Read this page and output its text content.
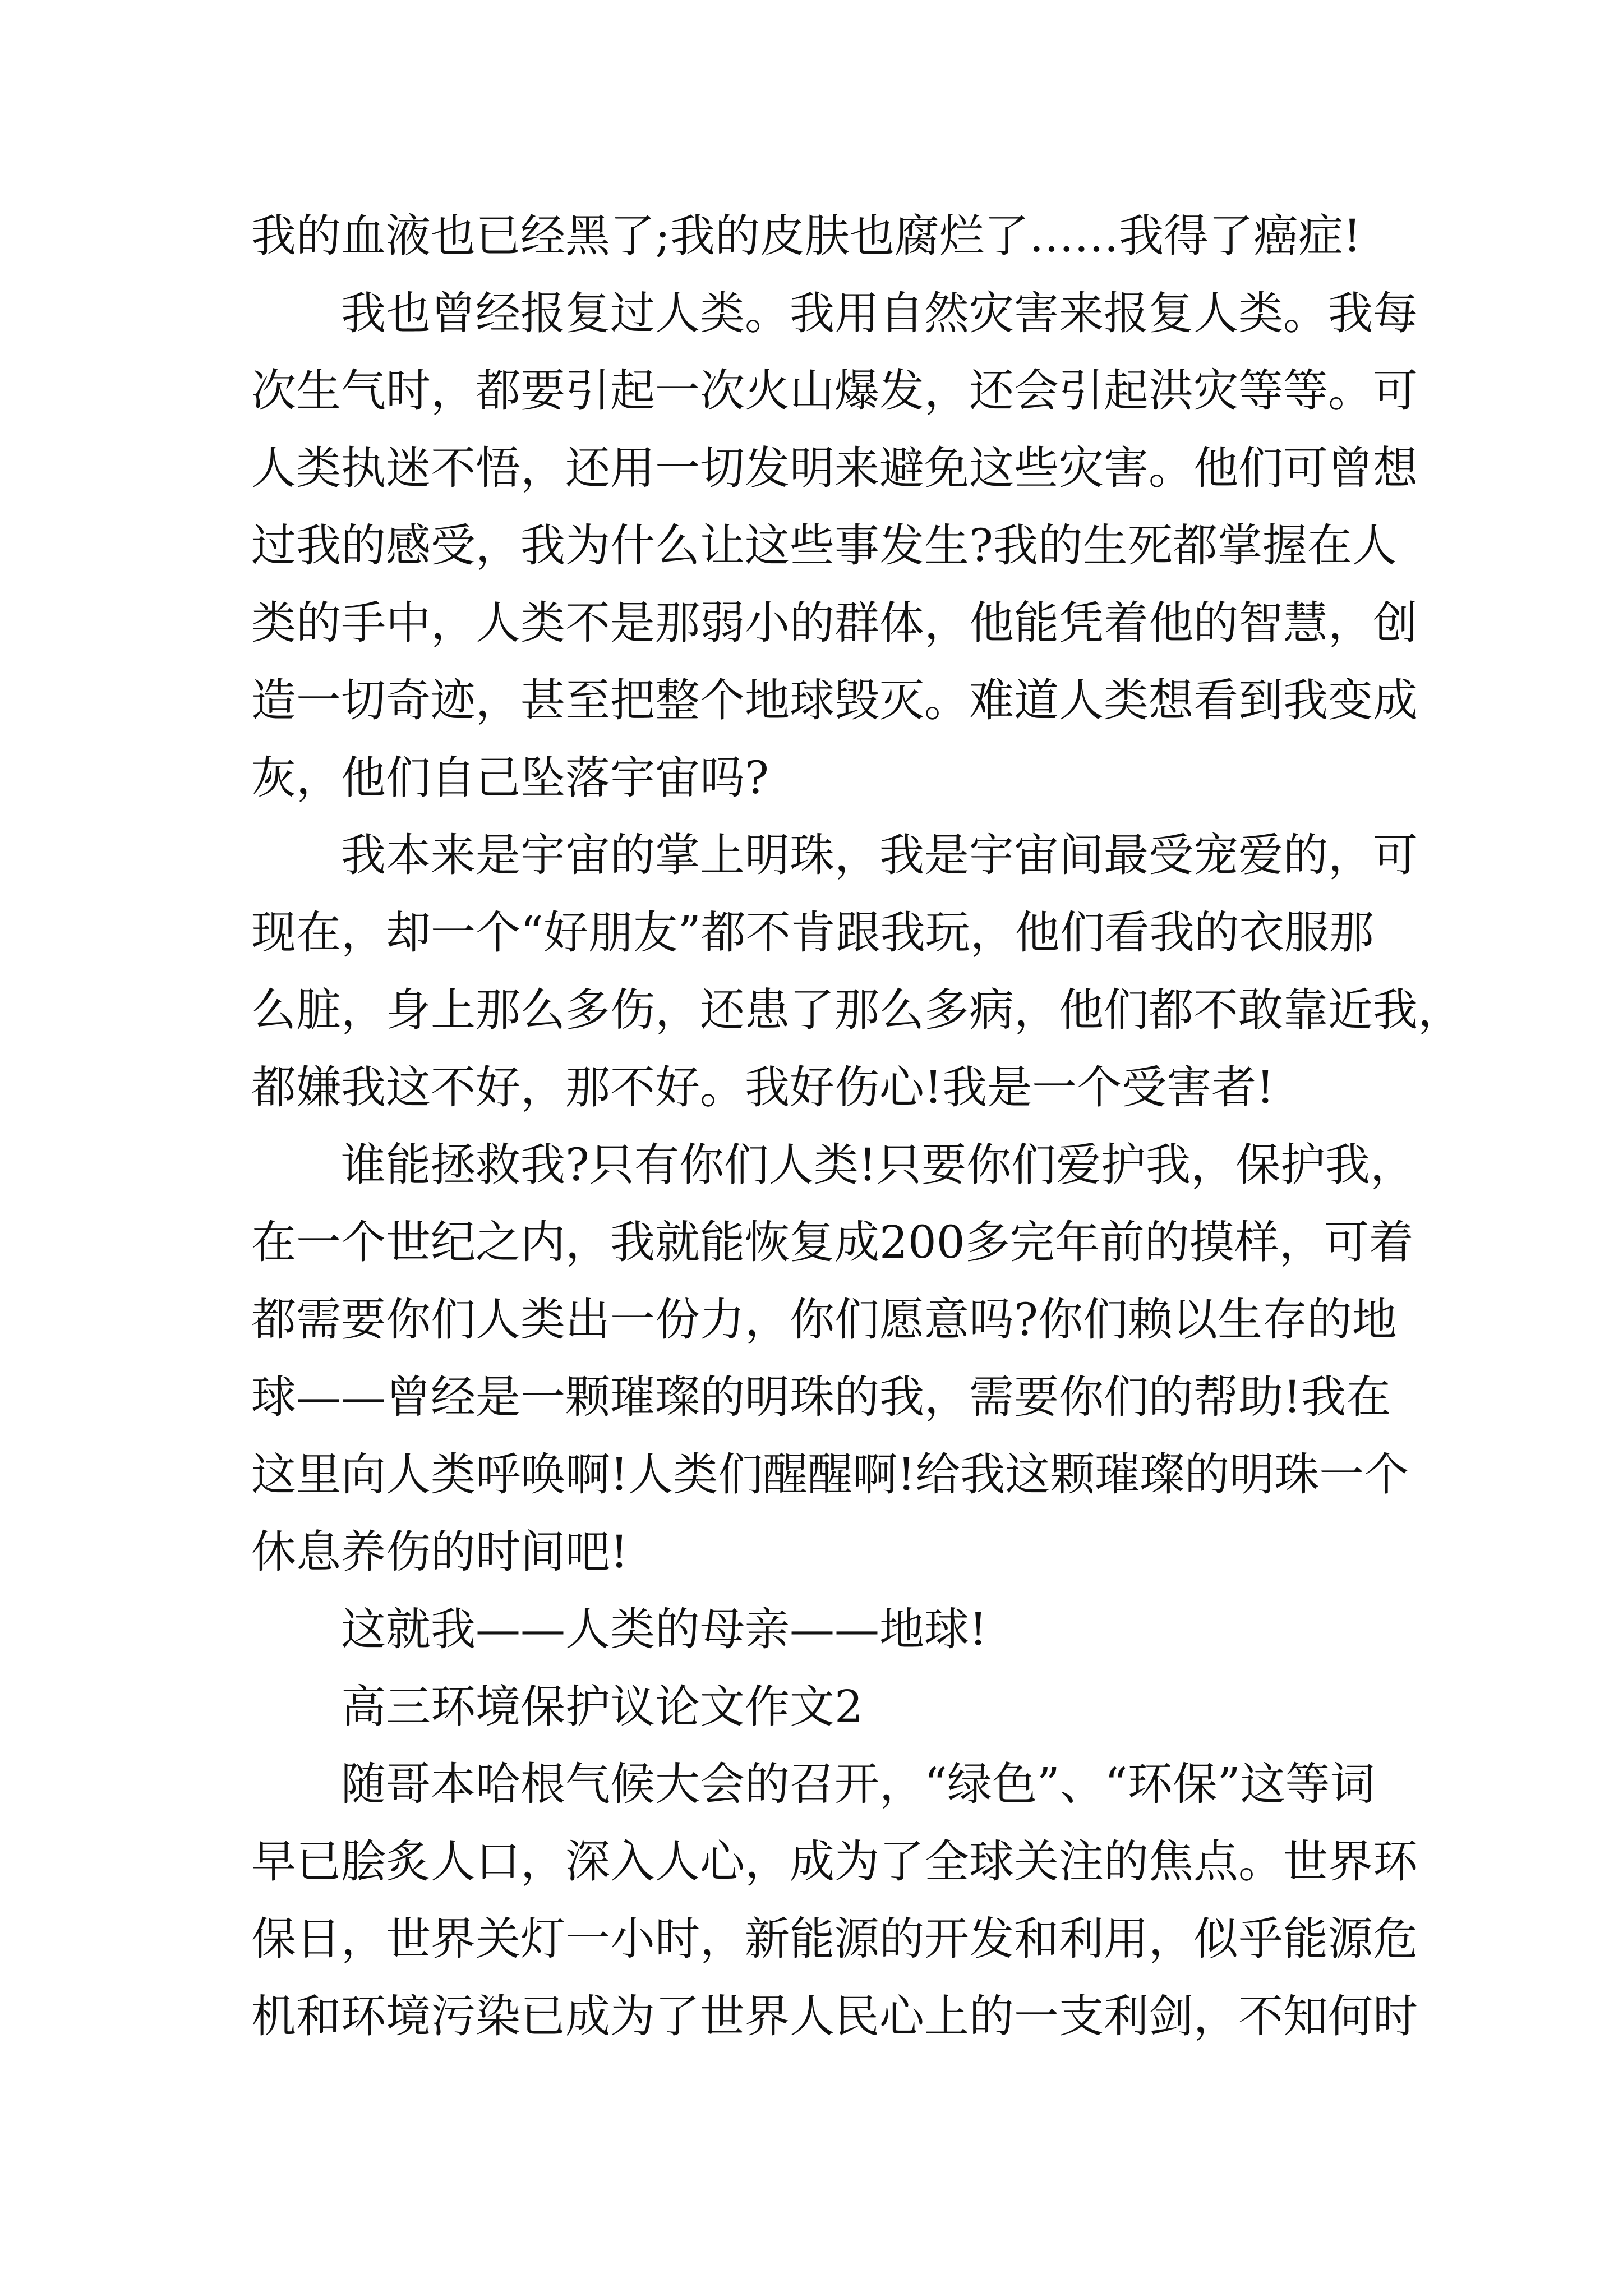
我的血液也已经黑了;我的皮肤也腐烂了……我得了癌症!
我也曾经报复过人类。我用自然灾害来报复人类。我每
次生气时，都要引起一次火山爆发，还会引起洪灾等等。可
人类执迷不悟，还用一切发明来避免这些灾害。他们可曾想
过我的感受，我为什么让这些事发生?我的生死都掌握在人
类的手中，人类不是那弱小的群体，他能凭着他的智慧，创
造一切奇迹，甚至把整个地球毁灭。难道人类想看到我变成
灰，他们自己坠落宇宙吗?
我本来是宇宙的掌上明珠，我是宇宙间最受宠爱的，可
现在，却一个“好朋友”都不肯跟我玩，他们看我的衣服那
么脏，身上那么多伤，还患了那么多病，他们都不敢靠近我，
都嫌我这不好，那不好。我好伤心!我是一个受害者!
谁能拯救我?只有你们人类!只要你们爱护我，保护我，
在一个世纪之内，我就能恢复成200多完年前的摸样，可着
都需要你们人类出一份力，你们愿意吗?你们赖以生存的地
球——曾经是一颗璀璨的明珠的我，需要你们的帮助!我在
这里向人类呼唤啊!人类们醒醒啊!给我这颗璀璨的明珠一个
休息养伤的时间吧!
这就我——人类的母亲——地球!
高三环境保护议论文作文2
随哥本哈根气候大会的召开，“绿色”、“环保”这等词
早已脍炙人口，深入人心，成为了全球关注的焦点。世界环
保日，世界关灯一小时，新能源的开发和利用，似乎能源危
机和环境污染已成为了世界人民心上的一支利剑，不知何时
